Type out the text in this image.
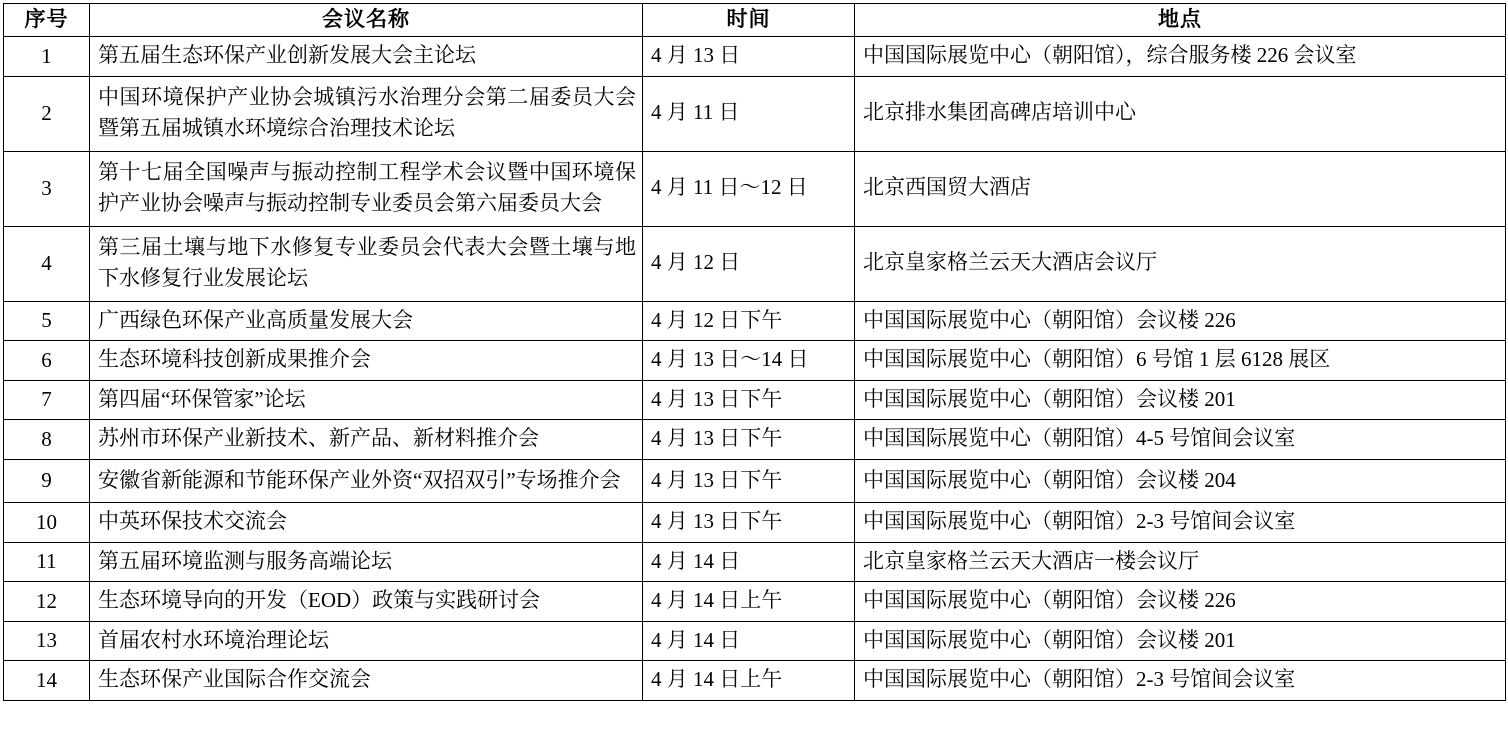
序号	会议名称	时间	地点

1	第五届生态环保产业创新发展大会主论坛	4 月 13 日	中国国际展览中心（朝阳馆），综合服务楼 226 会议室

2	中国环境保护产业协会城镇污水治理分会第二届委员大会暨第五届城镇水环境综合治理技术论坛	4 月 11 日	北京排水集团高碑店培训中心

3	第十七届全国噪声与振动控制工程学术会议暨中国环境保护产业协会噪声与振动控制专业委员会第六届委员大会	4 月 11 日～12 日	北京西国贸大酒店

4	第三届土壤与地下水修复专业委员会代表大会暨土壤与地下水修复行业发展论坛	4 月 12 日	北京皇家格兰云天大酒店会议厅

5	广西绿色环保产业高质量发展大会	4 月 12 日下午	中国国际展览中心（朝阳馆）会议楼 226

6	生态环境科技创新成果推介会	4 月 13 日～14 日	中国国际展览中心（朝阳馆）6 号馆 1 层 6128 展区

7	第四届“环保管家”论坛	4 月 13 日下午	中国国际展览中心（朝阳馆）会议楼 201

8	苏州市环保产业新技术、新产品、新材料推介会	4 月 13 日下午	中国国际展览中心（朝阳馆）4-5 号馆间会议室

9	安徽省新能源和节能环保产业外资“双招双引”专场推介会	4 月 13 日下午	中国国际展览中心（朝阳馆）会议楼 204

10	中英环保技术交流会	4 月 13 日下午	中国国际展览中心（朝阳馆）2-3 号馆间会议室

11	第五届环境监测与服务高端论坛	4 月 14 日	北京皇家格兰云天大酒店一楼会议厅

12	生态环境导向的开发（EOD）政策与实践研讨会	4 月 14 日上午	中国国际展览中心（朝阳馆）会议楼 226

13	首届农村水环境治理论坛	4 月 14 日	中国国际展览中心（朝阳馆）会议楼 201

14	生态环保产业国际合作交流会	4 月 14 日上午	中国国际展览中心（朝阳馆）2-3 号馆间会议室
